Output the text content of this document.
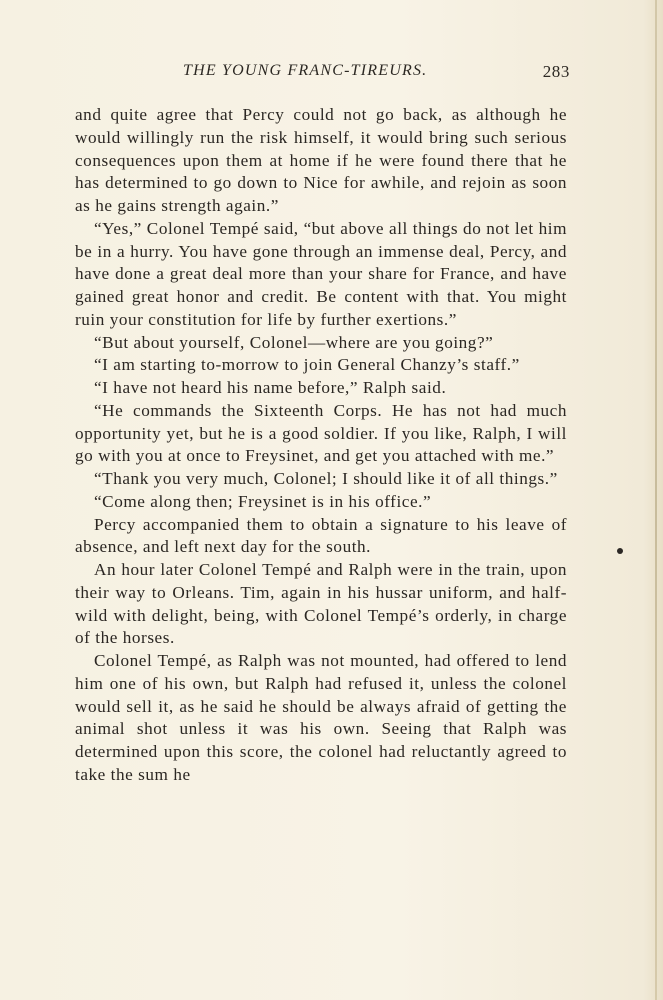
THE YOUNG FRANC-TIREURS.	283

and quite agree that Percy could not go back, as although he would willingly run the risk himself, it would bring such serious consequences upon them at home if he were found there that he has determined to go down to Nice for awhile, and rejoin as soon as he gains strength again.”

“Yes,” Colonel Tempé said, “but above all things do not let him be in a hurry. You have gone through an immense deal, Percy, and have done a great deal more than your share for France, and have gained great honor and credit. Be content with that. You might ruin your constitution for life by further exertions.”

“But about yourself, Colonel—where are you going?”

“I am starting to-morrow to join General Chanzy’s staff.”

“I have not heard his name before,” Ralph said.

“He commands the Sixteenth Corps. He has not had much opportunity yet, but he is a good soldier. If you like, Ralph, I will go with you at once to Freysinet, and get you attached with me.”

“Thank you very much, Colonel; I should like it of all things.”

“Come along then; Freysinet is in his office.”

Percy accompanied them to obtain a signature to his leave of absence, and left next day for the south.

An hour later Colonel Tempé and Ralph were in the train, upon their way to Orleans. Tim, again in his hussar uniform, and half-wild with delight, being, with Colonel Tempé’s orderly, in charge of the horses.

Colonel Tempé, as Ralph was not mounted, had offered to lend him one of his own, but Ralph had refused it, unless the colonel would sell it, as he said he should be always afraid of getting the animal shot unless it was his own. Seeing that Ralph was determined upon this score, the colonel had reluctantly agreed to take the sum he
